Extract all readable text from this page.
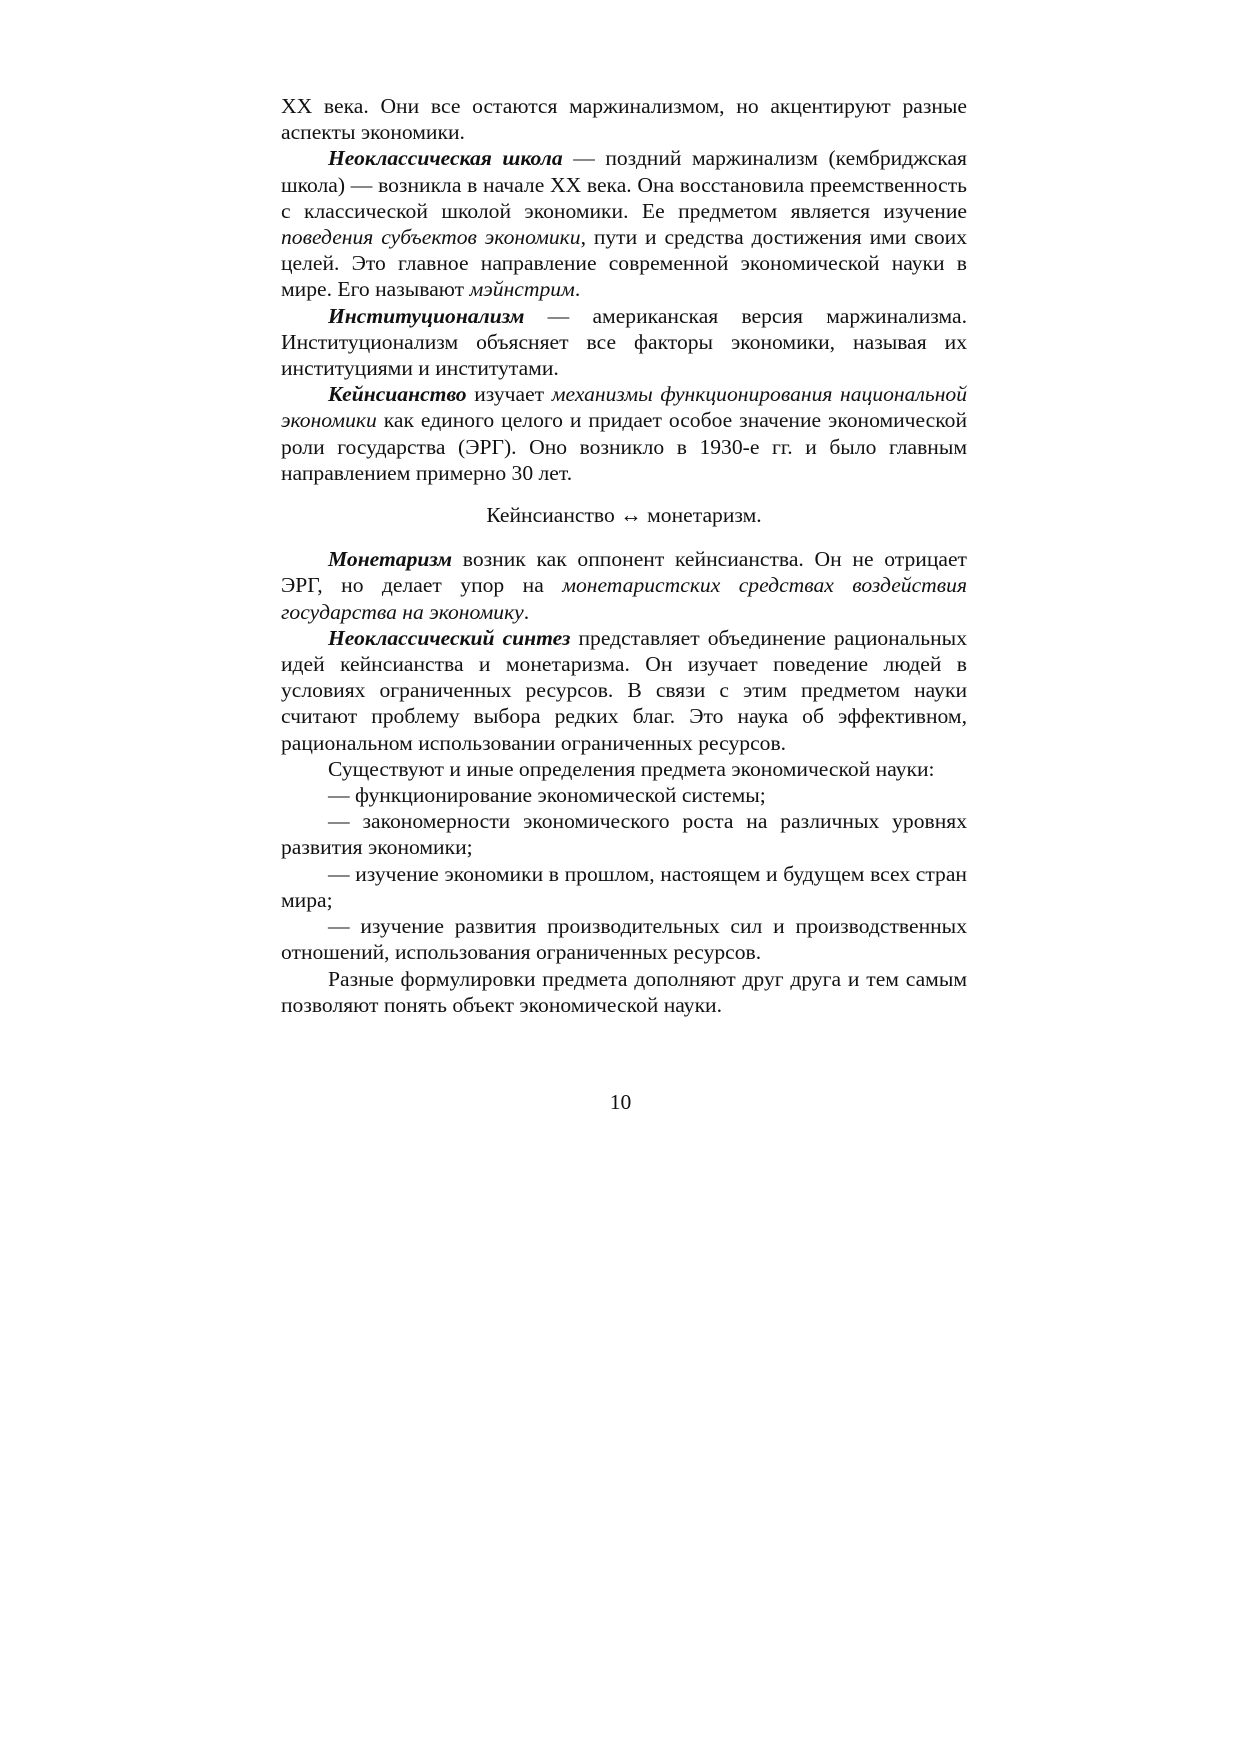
XX века. Они все остаются маржинализмом, но акцентируют разные аспекты экономики.

Неоклассическая школа — поздний маржинализм (кембриджская школа) — возникла в начале XX века. Она восстановила преемственность с классической школой экономики. Ее предметом является изучение поведения субъектов экономики, пути и средства достижения ими своих целей. Это главное направление современной экономической науки в мире. Его называют мэйнстрим.

Институционализм — американская версия маржинализма. Институционализм объясняет все факторы экономики, называя их институциями и институтами.

Кейнсианство изучает механизмы функционирования национальной экономики как единого целого и придает особое значение экономической роли государства (ЭРГ). Оно возникло в 1930-е гг. и было главным направлением примерно 30 лет.

Кейнсианство ↔ монетаризм.

Монетаризм возник как оппонент кейнсианства. Он не отрицает ЭРГ, но делает упор на монетаристских средствах воздействия государства на экономику.

Неоклассический синтез представляет объединение рациональных идей кейнсианства и монетаризма. Он изучает поведение людей в условиях ограниченных ресурсов. В связи с этим предметом науки считают проблему выбора редких благ. Это наука об эффективном, рациональном использовании ограниченных ресурсов.

Существуют и иные определения предмета экономической науки:

— функционирование экономической системы;

— закономерности экономического роста на различных уровнях развития экономики;

— изучение экономики в прошлом, настоящем и будущем всех стран мира;

— изучение развития производительных сил и производственных отношений, использования ограниченных ресурсов.

Разные формулировки предмета дополняют друг друга и тем самым позволяют понять объект экономической науки.

10
